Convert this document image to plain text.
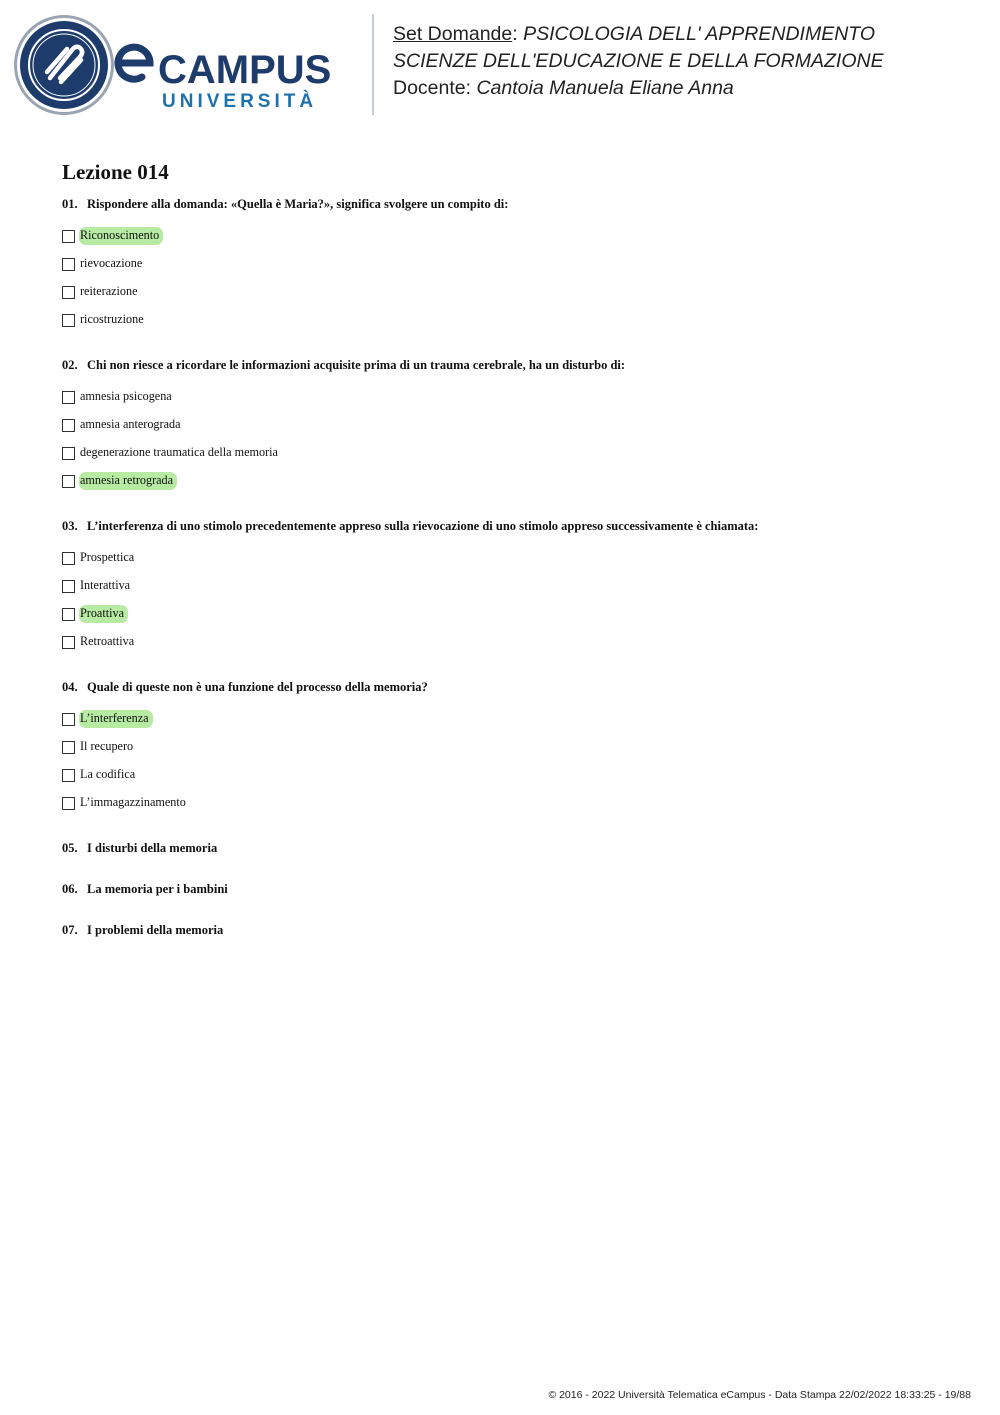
CAMPUS
UNIVERSITÀ
Set Domande: PSICOLOGIA DELL' APPRENDIMENTO
SCIENZE DELL'EDUCAZIONE E DELLA FORMAZIONE
Docente: Cantoia Manuela Eliane Anna
Lezione 014

01. Rispondere alla domanda: «Quella è Maria?», significa svolgere un compito di:

Riconoscimento
rievocazione
reiterazione
ricostruzione

02. Chi non riesce a ricordare le informazioni acquisite prima di un trauma cerebrale, ha un disturbo di:

amnesia psicogena
amnesia anterograda
degenerazione traumatica della memoria
amnesia retrograda

03. L’interferenza di uno stimolo precedentemente appreso sulla rievocazione di uno stimolo appreso successivamente è chiamata:

Prospettica
Interattiva
Proattiva
Retroattiva

04. Quale di queste non è una funzione del processo della memoria?

L’interferenza
Il recupero
La codifica
L’immagazzinamento

05. I disturbi della memoria

06. La memoria per i bambini

07. I problemi della memoria

© 2016 - 2022 Università Telematica eCampus - Data Stampa 22/02/2022 18:33:25 - 19/88
